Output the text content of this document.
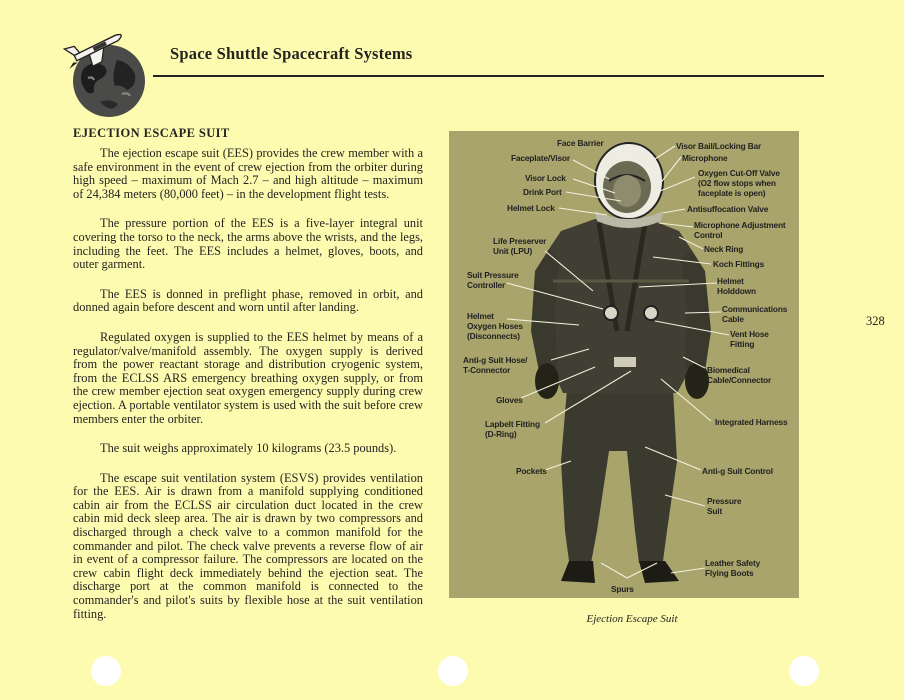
Space Shuttle Spacecraft Systems
EJECTION ESCAPE SUIT

The ejection escape suit (EES) provides the crew member with a safe environment in the event of crew ejection from the orbiter during high speed – maximum of Mach 2.7 – and high altitude – maximum of 24,384 meters (80,000 feet) – in the development flight tests.

The pressure portion of the EES is a five-layer integral unit covering the torso to the neck, the arms above the wrists, and the legs, including the feet. The EES includes a helmet, gloves, boots, and outer garment.

The EES is donned in preflight phase, removed in orbit, and donned again before descent and worn until after landing.

Regulated oxygen is supplied to the EES helmet by means of a regulator/valve/manifold assembly. The oxygen supply is derived from the power reactant storage and distribution cryogenic system, from the ECLSS ARS emergency breathing oxygen supply, or from the crew member ejection seat oxygen emergency supply during crew ejection. A portable ventilator system is used with the suit before crew members enter the orbiter.

The suit weighs approximately 10 kilograms (23.5 pounds).

The escape suit ventilation system (ESVS) provides ventilation for the EES. Air is drawn from a manifold supplying conditioned cabin air from the ECLSS air circulation duct located in the crew cabin mid deck sleep area. The air is drawn by two compressors and discharged through a check valve to a common manifold for the commander and pilot. The check valve prevents a reverse flow of air in event of a compressor failure. The compressors are located on the crew cabin flight deck immediately behind the ejection seat. The discharge port at the common manifold is connected to the commander's and pilot's suits by flexible hose at the suit ventilation fitting.

Face Barrier
Faceplate/Visor
Visor Lock
Drink Port
Helmet Lock
Life Preserver
Unit (LPU)
Suit Pressure
Controller
Helmet
Oxygen Hoses
(Disconnects)
Anti-g Suit Hose/
T-Connector
Gloves
Lapbelt Fitting
(D-Ring)
Pockets
Spurs
Visor Bail/Locking Bar
Microphone
Oxygen Cut-Off Valve
(O2 flow stops when
faceplate is open)
Antisuffocation Valve
Microphone Adjustment
Control
Neck Ring
Koch Fittings
Helmet
Holddown
Communications
Cable
Vent Hose
Fitting
Biomedical
Cable/Connector
Integrated Harness
Anti-g Suit Control
Pressure
Suit
Leather Safety
Flying Boots
Ejection Escape Suit
328
